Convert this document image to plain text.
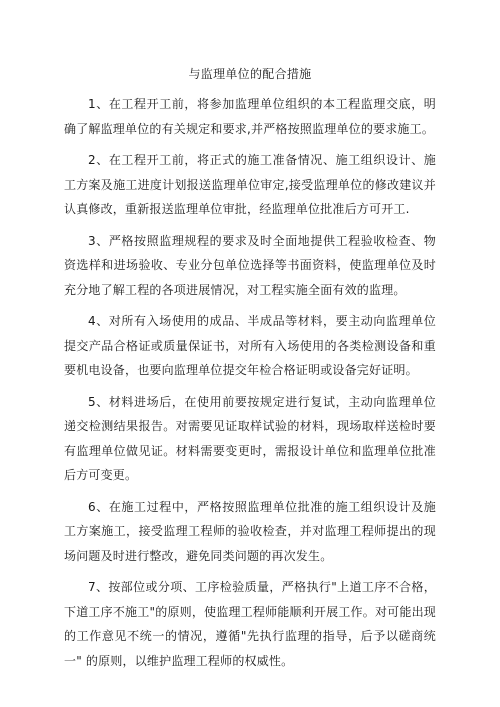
与监理单位的配合措施

1、在工程开工前，将参加监理单位组织的本工程监理交底，明确了解监理单位的有关规定和要求,并严格按照监理单位的要求施工。

2、在工程开工前，将正式的施工准备情况、施工组织设计、施工方案及施工进度计划报送监理单位审定,接受监理单位的修改建议并认真修改，重新报送监理单位审批，经监理单位批准后方可开工.

3、严格按照监理规程的要求及时全面地提供工程验收检查、物资选样和进场验收、专业分包单位选择等书面资料，使监理单位及时充分地了解工程的各项进展情况，对工程实施全面有效的监理。

4、对所有入场使用的成品、半成品等材料，要主动向监理单位提交产品合格证或质量保证书，对所有入场使用的各类检测设备和重要机电设备，也要向监理单位提交年检合格证明或设备完好证明。

5、材料进场后，在使用前要按规定进行复试，主动向监理单位递交检测结果报告。对需要见证取样试验的材料，现场取样送检时要有监理单位做见证。材料需要变更时，需报设计单位和监理单位批准后方可变更。

6、在施工过程中，严格按照监理单位批准的施工组织设计及施工方案施工，接受监理工程师的验收检查，并对监理工程师提出的现场问题及时进行整改，避免同类问题的再次发生。

7、按部位或分项、工序检验质量，严格执行"上道工序不合格，下道工序不施工"的原则，使监理工程师能顺利开展工作。对可能出现的工作意见不统一的情况，遵循"先执行监理的指导，后予以磋商统一" 的原则，以维护监理工程师的权威性。
